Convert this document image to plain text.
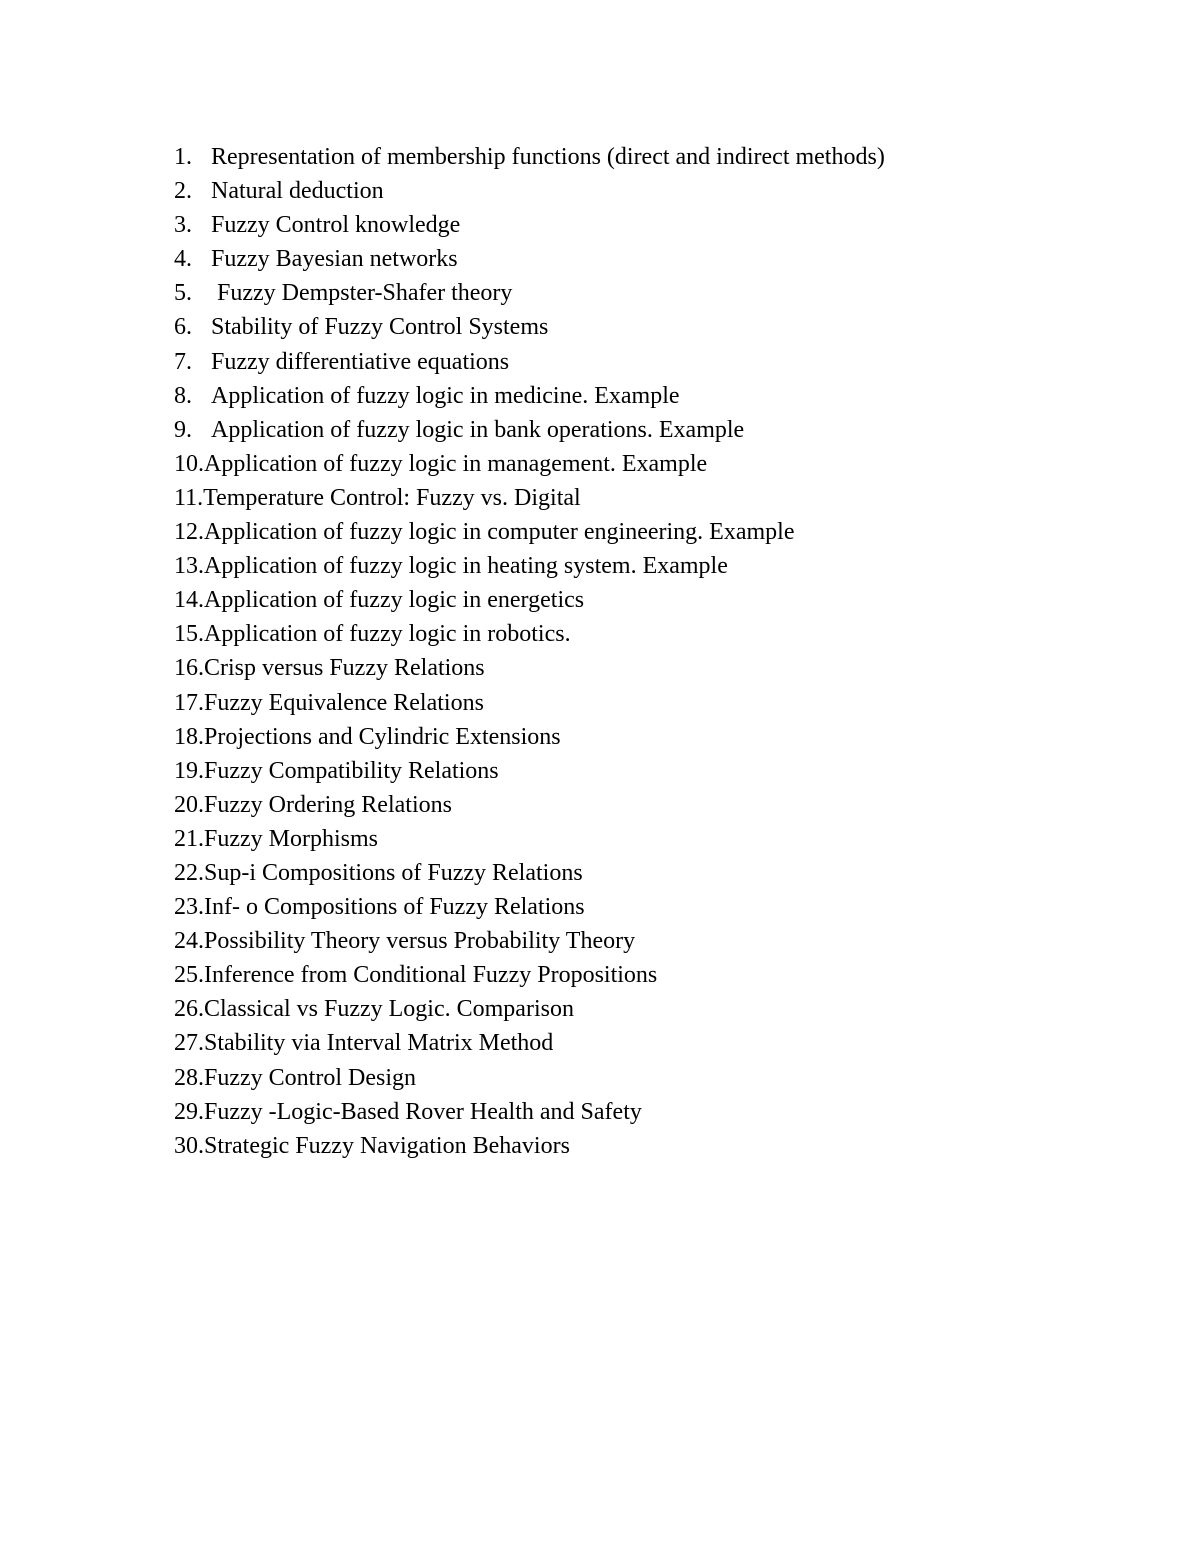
1. Representation of membership functions (direct and indirect methods)
2. Natural deduction
3. Fuzzy Control knowledge
4. Fuzzy Bayesian networks
5. Fuzzy Dempster-Shafer theory
6. Stability of Fuzzy Control Systems
7. Fuzzy differentiative equations
8. Application of fuzzy logic in medicine. Example
9. Application of fuzzy logic in bank operations. Example
10. Application of fuzzy logic in management. Example
11. Temperature Control: Fuzzy vs. Digital
12. Application of fuzzy logic in computer engineering. Example
13. Application of fuzzy logic in heating system. Example
14. Application of fuzzy logic in energetics
15. Application of fuzzy logic in robotics.
16. Crisp versus Fuzzy Relations
17. Fuzzy Equivalence Relations
18. Projections and Cylindric Extensions
19. Fuzzy Compatibility Relations
20. Fuzzy Ordering Relations
21. Fuzzy Morphisms
22. Sup-i Compositions of Fuzzy Relations
23. Inf- o Compositions of Fuzzy Relations
24. Possibility Theory versus Probability Theory
25. Inference from Conditional Fuzzy Propositions
26. Classical vs Fuzzy Logic. Comparison
27. Stability via Interval Matrix Method
28. Fuzzy Control Design
29. Fuzzy -Logic-Based Rover Health and Safety
30. Strategic Fuzzy Navigation Behaviors
